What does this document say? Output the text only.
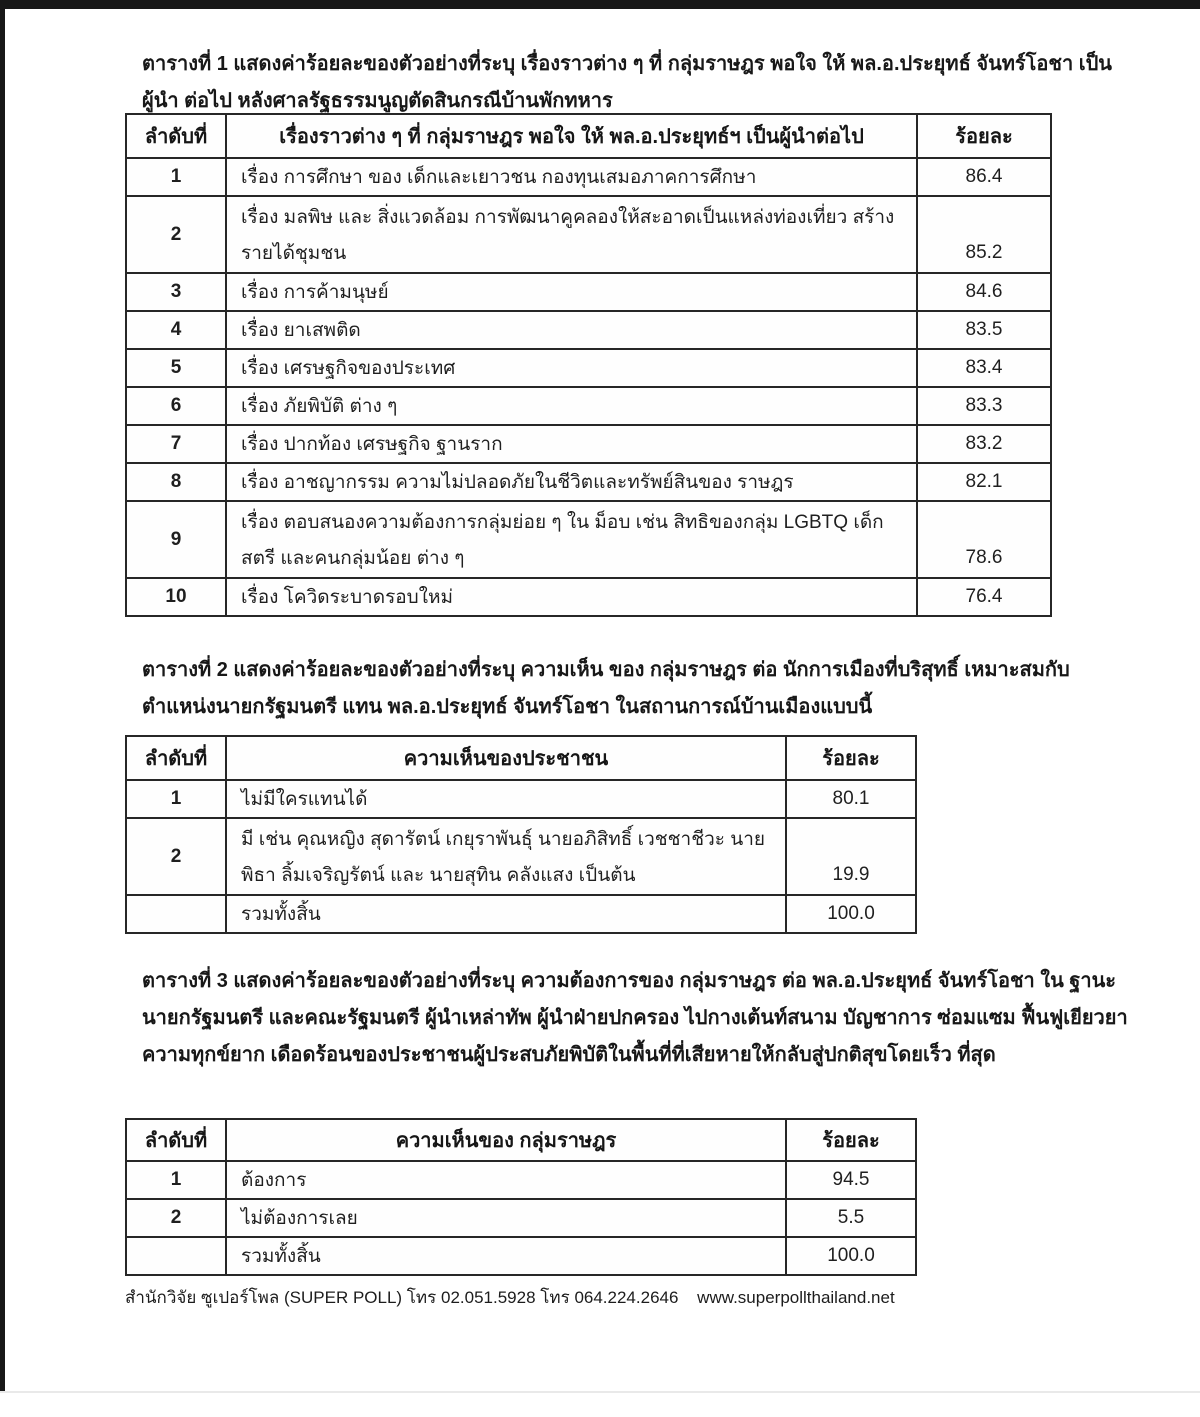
ตารางที่ 1 แสดงค่าร้อยละของตัวอย่างที่ระบุ เรื่องราวต่าง ๆ ที่ กลุ่มราษฎร พอใจ ให้ พล.อ.ประยุทธ์ จันทร์โอชา เป็นผู้นำ ต่อไป หลังศาลรัฐธรรมนูญตัดสินกรณีบ้านพักทหาร
ลำดับที่	เรื่องราวต่าง ๆ ที่ กลุ่มราษฎร พอใจ ให้ พล.อ.ประยุทธ์ฯ เป็นผู้นำต่อไป	ร้อยละ
1	เรื่อง การศึกษา ของ เด็กและเยาวชน กองทุนเสมอภาคการศึกษา	86.4
2	เรื่อง มลพิษ และ สิ่งแวดล้อม การพัฒนาคูคลองให้สะอาดเป็นแหล่งท่องเที่ยว สร้าง รายได้ชุมชน	85.2
3	เรื่อง การค้ามนุษย์	84.6
4	เรื่อง ยาเสพติด	83.5
5	เรื่อง เศรษฐกิจของประเทศ	83.4
6	เรื่อง ภัยพิบัติ ต่าง ๆ	83.3
7	เรื่อง ปากท้อง เศรษฐกิจ ฐานราก	83.2
8	เรื่อง อาชญากรรม ความไม่ปลอดภัยในชีวิตและทรัพย์สินของ ราษฎร	82.1
9	เรื่อง ตอบสนองความต้องการกลุ่มย่อย ๆ ใน ม็อบ เช่น สิทธิของกลุ่ม LGBTQ เด็ก สตรี และคนกลุ่มน้อย ต่าง ๆ	78.6
10	เรื่อง โควิดระบาดรอบใหม่	76.4
ตารางที่ 2 แสดงค่าร้อยละของตัวอย่างที่ระบุ ความเห็น ของ กลุ่มราษฎร ต่อ นักการเมืองที่บริสุทธิ์ เหมาะสมกับ ตำแหน่งนายกรัฐมนตรี แทน พล.อ.ประยุทธ์ จันทร์โอชา ในสถานการณ์บ้านเมืองแบบนี้
ลำดับที่	ความเห็นของประชาชน	ร้อยละ
1	ไม่มีใครแทนได้	80.1
2	มี เช่น คุณหญิง สุดารัตน์ เกยุราพันธุ์ นายอภิสิทธิ์ เวชชาชีวะ นายพิธา ลิ้มเจริญรัตน์ และ นายสุทิน คลังแสง เป็นต้น	19.9
	รวมทั้งสิ้น	100.0
ตารางที่ 3 แสดงค่าร้อยละของตัวอย่างที่ระบุ ความต้องการของ กลุ่มราษฎร ต่อ พล.อ.ประยุทธ์ จันทร์โอชา ใน ฐานะ นายกรัฐมนตรี และคณะรัฐมนตรี ผู้นำเหล่าทัพ ผู้นำฝ่ายปกครอง ไปกางเต้นท์สนาม บัญชาการ ซ่อมแซม ฟื้นฟูเยียวยา ความทุกข์ยาก เดือดร้อนของประชาชนผู้ประสบภัยพิบัติในพื้นที่ที่เสียหายให้กลับสู่ปกติสุขโดยเร็ว ที่สุด
ลำดับที่	ความเห็นของ กลุ่มราษฎร	ร้อยละ
1	ต้องการ	94.5
2	ไม่ต้องการเลย	5.5
	รวมทั้งสิ้น	100.0
สำนักวิจัย ซูเปอร์โพล (SUPER POLL) โทร 02.051.5928 โทร 064.224.2646 www.superpollthailand.net
